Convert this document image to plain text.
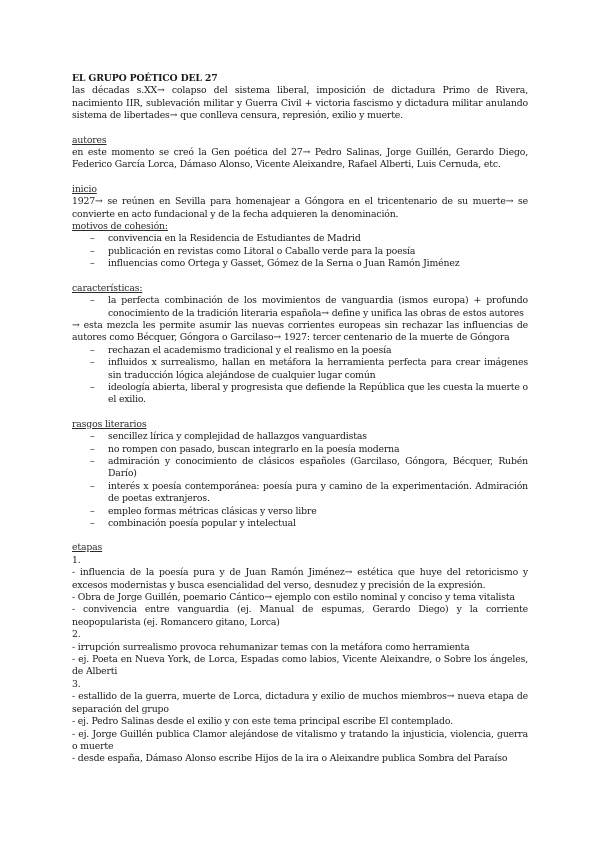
EL GRUPO POÉTICO DEL 27

las décadas s.XX→ colapso del sistema liberal, imposición de dictadura Primo de Rivera, nacimiento IIR, sublevación militar y Guerra Civil + victoria fascismo y dictadura militar anulando sistema de libertades→ que conlleva censura, represión, exilio y muerte.

autores

en este momento se creó la Gen poética del 27→ Pedro Salinas, Jorge Guillén, Gerardo Diego, Federico García Lorca, Dámaso Alonso, Vicente Aleixandre, Rafael Alberti, Luis Cernuda, etc.

inicio

1927→ se reúnen en Sevilla para homenajear a Góngora en el tricentenario de su muerte→ se convierte en acto fundacional y de la fecha adquieren la denominación.

motivos de cohesión:
– convivencia en la Residencia de Estudiantes de Madrid
– publicación en revistas como Litoral o Caballo verde para la poesía
– influencias como Ortega y Gasset, Gómez de la Serna o Juan Ramón Jiménez
características:
– la perfecta combinación de los movimientos de vanguardia (ismos europa) + profundo conocimiento de la tradición literaria española→ define y unifica las obras de estos autores

→ esta mezcla les permite asumir las nuevas corrientes europeas sin rechazar las influencias de autores como Bécquer, Góngora o Garcilaso→ 1927: tercer centenario de la muerte de Góngora

– rechazan el academismo tradicional y el realismo en la poesía
– influidos x surrealismo, hallan en metáfora la herramienta perfecta para crear imágenes sin traducción lógica alejándose de cualquier lugar común
– ideología abierta, liberal y progresista que defiende la República que les cuesta la muerte o el exilio.
rasgos literarios
– sencillez lírica y complejidad de hallazgos vanguardistas
– no rompen con pasado, buscan integrarlo en la poesía moderna
– admiración y conocimiento de clásicos españoles (Garcilaso, Góngora, Bécquer, Rubén Darío)
– interés x poesía contemporánea: poesía pura y camino de la experimentación. Admiración de poetas extranjeros.
– empleo formas métricas clásicas y verso libre
– combinación poesía popular y intelectual
etapas
1.

- influencia de la poesía pura y de Juan Ramón Jiménez→ estética que huye del retoricismo y excesos modernistas y busca esencialidad del verso, desnudez y precisión de la expresión.

- Obra de Jorge Guillén, poemario Cántico→ ejemplo con estilo nominal y conciso y tema vitalista

- convivencia entre vanguardia (ej. Manual de espumas, Gerardo Diego) y la corriente neopopularista (ej. Romancero gitano, Lorca)

2.

- irrupción surrealismo provoca rehumanizar temas con la metáfora como herramienta

- ej. Poeta en Nueva York, de Lorca, Espadas como labios, Vicente Aleixandre, o Sobre los ángeles, de Alberti

3.

- estallido de la guerra, muerte de Lorca, dictadura y exilio de muchos miembros→ nueva etapa de separación del grupo

- ej. Pedro Salinas desde el exilio y con este tema principal escribe El contemplado.

- ej. Jorge Guillén publica Clamor alejándose de vitalismo y tratando la injusticia, violencia, guerra o muerte

- desde españa, Dámaso Alonso escribe Hijos de la ira o Aleixandre publica Sombra del Paraíso
